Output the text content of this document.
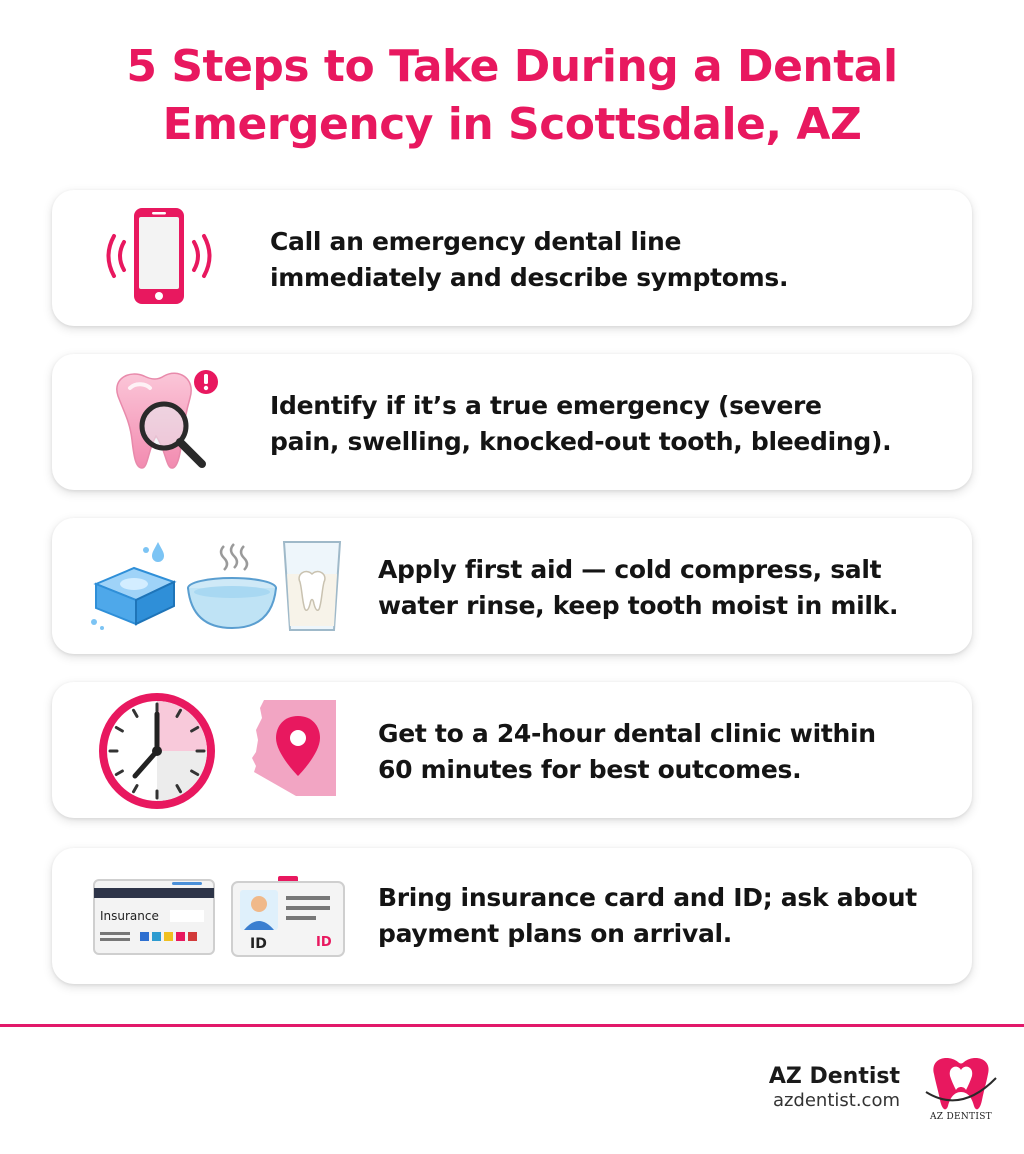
5 Steps to Take During a Dental
Emergency in Scottsdale, AZ
Call an emergency dental line
immediately and describe symptoms.
Identify if it’s a true emergency (severe
pain, swelling, knocked-out tooth, bleeding).
Apply first aid — cold compress, salt
water rinse, keep tooth moist in milk.
Get to a 24-hour dental clinic within
60 minutes for best outcomes.
Insurance
ID	ID
Bring insurance card and ID; ask about
payment plans on arrival.
AZ Dentist
azdentist.com
AZ DENTIST
